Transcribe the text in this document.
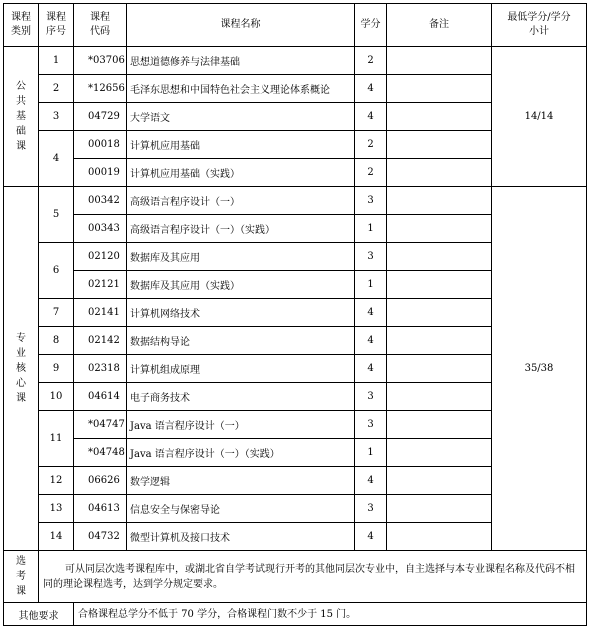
课程类别	课程序号	课程代码	课程名称	学分	备注	最低学分/学分小计

公
共
基
础
课	1	*03706	思想道德修养与法律基础	2		14/14
	2	*12656	毛泽东思想和中国特色社会主义理论体系概论	4		
	3	04729	大学语文	4		
	4	00018	计算机应用基础	2		
		00019	计算机应用基础（实践）	2		

专
业
核
心
课	5	00342	高级语言程序设计（一）	3		35/38
		00343	高级语言程序设计（一）（实践）	1		
	6	02120	数据库及其应用	3		
		02121	数据库及其应用（实践）	1		
	7	02141	计算机网络技术	4		
	8	02142	数据结构导论	4		
	9	02318	计算机组成原理	4		
	10	04614	电子商务技术	3		
	11	*04747	Java 语言程序设计（一）	3		
		*04748	Java 语言程序设计（一）（实践）	1		
	12	06626	数学逻辑	4		
	13	04613	信息安全与保密导论	3		
	14	04732	微型计算机及接口技术	4		

选
考
课	可从同层次选考课程库中，或湖北省自学考试现行开考的其他同层次专业中，自主选择与本专业课程名称及代码不相同的理论课程选考，达到学分规定要求。					
其他要求		合格课程总学分不低于 70 学分，合格课程门数不少于 15 门。				
